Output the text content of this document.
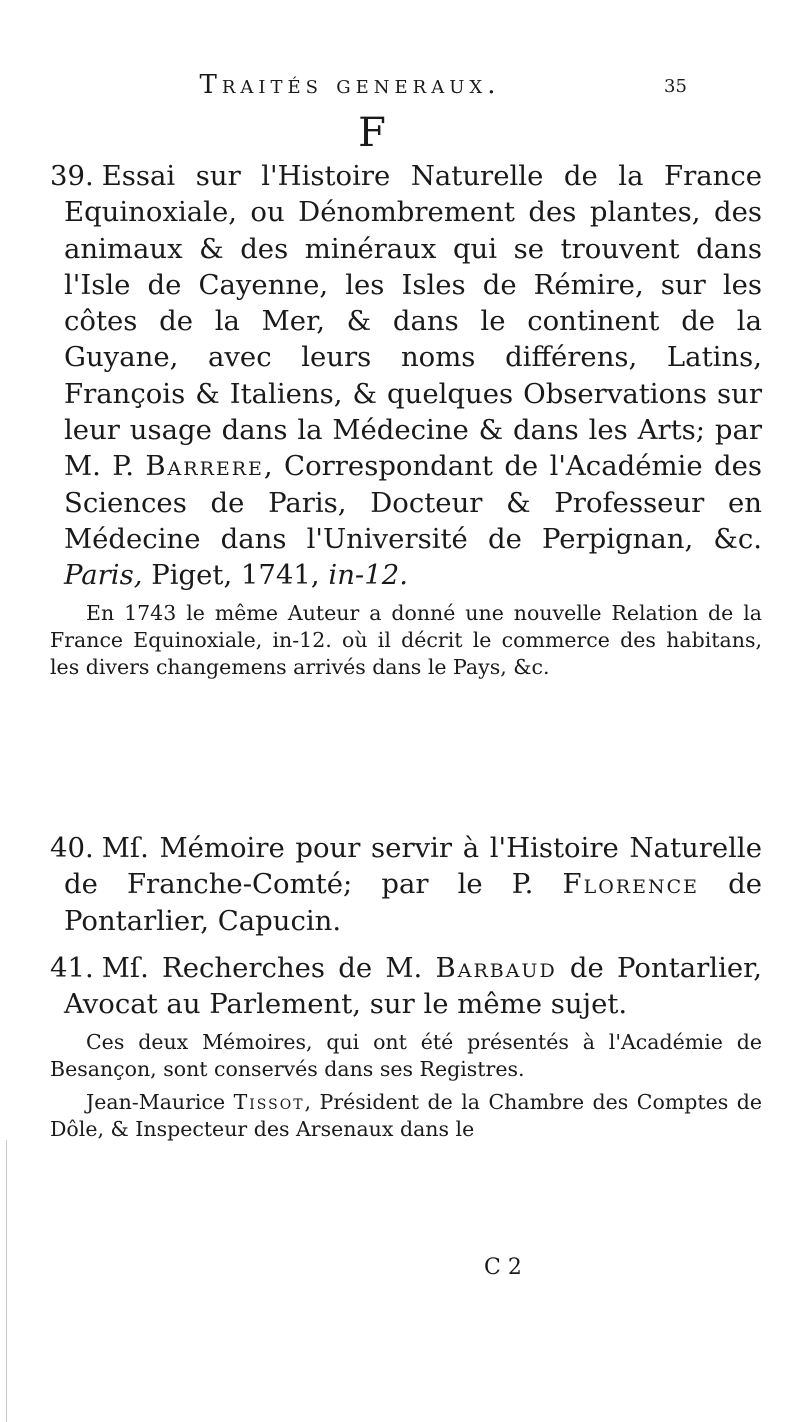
Traités generaux.	35
F

39. Essai sur l'Histoire Naturelle de la France Equinoxiale, ou Dénombrement des plantes, des animaux & des minéraux qui se trouvent dans l'Isle de Cayenne, les Isles de Rémire, sur les côtes de la Mer, & dans le continent de la Guyane, avec leurs noms différens, Latins, François & Italiens, & quelques Observations sur leur usage dans la Médecine & dans les Arts; par M. P. Barrere, Correspondant de l'Académie des Sciences de Paris, Docteur & Professeur en Médecine dans l'Université de Perpignan, &c. Paris, Piget, 1741, in-12.

En 1743 le même Auteur a donné une nouvelle Relation de la France Equinoxiale, in-12. où il décrit le commerce des habitans, les divers changemens arrivés dans le Pays, &c.

40. Mſ. Mémoire pour servir à l'Histoire Naturelle de Franche-Comté; par le P. Florence de Pontarlier, Capucin.

41. Mſ. Recherches de M. Barbaud de Pontarlier, Avocat au Parlement, sur le même sujet.

Ces deux Mémoires, qui ont été présentés à l'Académie de Besançon, sont conservés dans ses Registres.

Jean-Maurice Tissot, Président de la Chambre des Comptes de Dôle, & Inspecteur des Arsenaux dans le

C 2
